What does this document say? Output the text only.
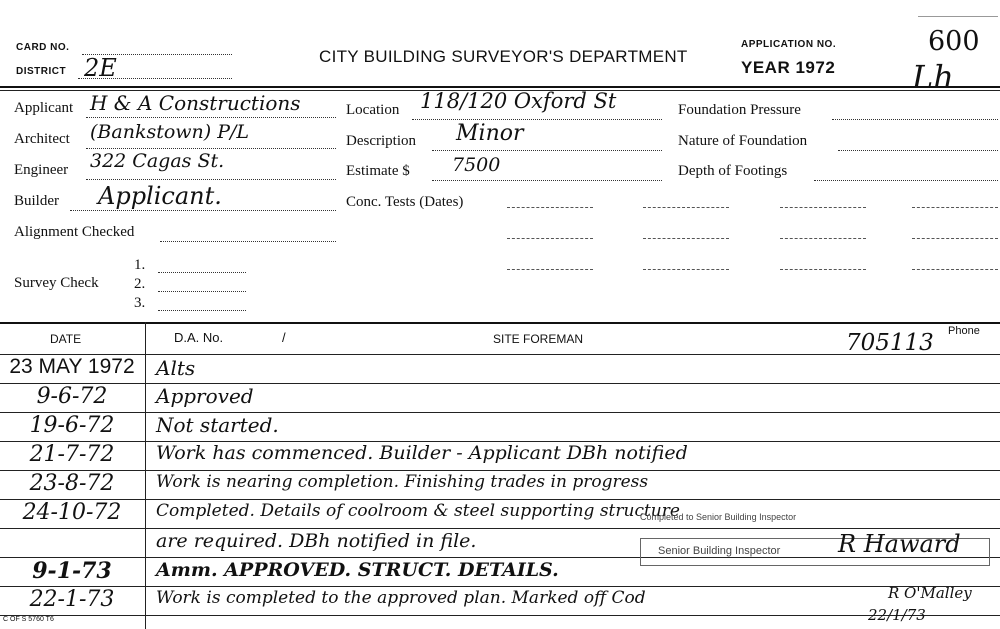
CARD NO.
DISTRICT 2E	CITY BUILDING SURVEYOR'S DEPARTMENT
APPLICATION NO.
YEAR 1972
600
Lh
Applicant H & A Constructions
Architect (Bankstown) P/L
Engineer 322 Cagas St.
Builder Applicant.
Alignment Checked
Survey Check
1.
2.
3.
Location 118/120 Oxford St
Description Minor
Estimate $ 7500
Conc. Tests (Dates)
Foundation Pressure
Nature of Foundation
Depth of Footings
DATE	D.A. No.	/	SITE FOREMAN
Phone
705113
23 MAY 1972	Alts
9-6-72	Approved
19-6-72	Not started.
21-7-72	Work has commenced. Builder - Applicant DBh notified
23-8-72	Work is nearing completion. Finishing trades in progress
24-10-72	Completed. Details of coolroom & steel supporting structure
are required. DBh notified in file.
9-1-73	Amm. APPROVED. STRUCT. DETAILS.
22-1-73	Work is completed to the approved plan. Marked off Cod
Completed to Senior Building Inspector
Senior Building Inspector R Haward
R O'Malley
22/1/73
C OF S 5760 T6
